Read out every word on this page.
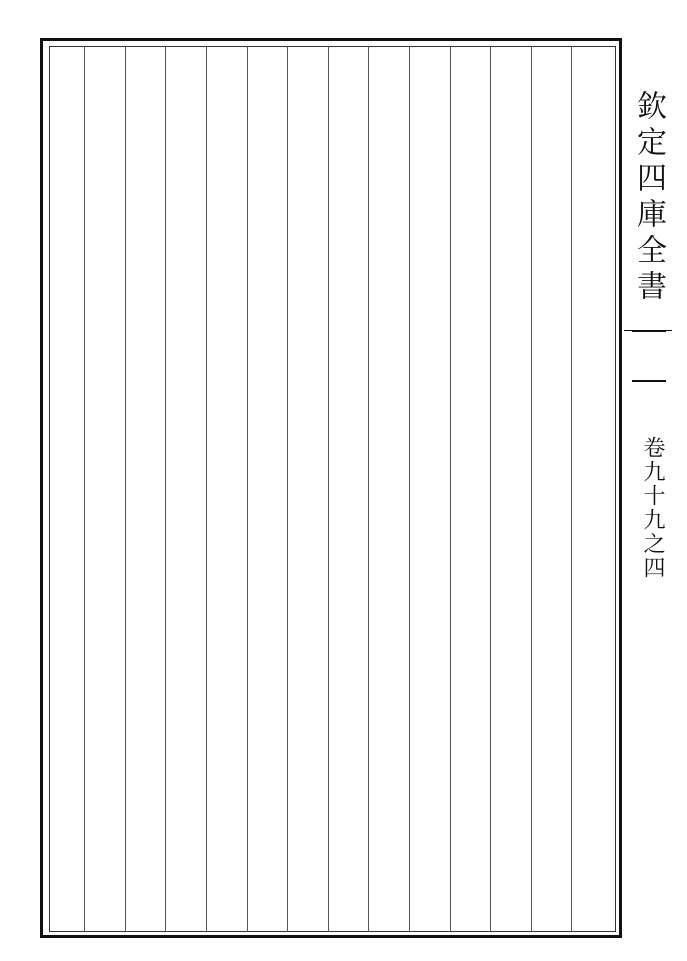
欽定四庫全書
卷九十九之四
